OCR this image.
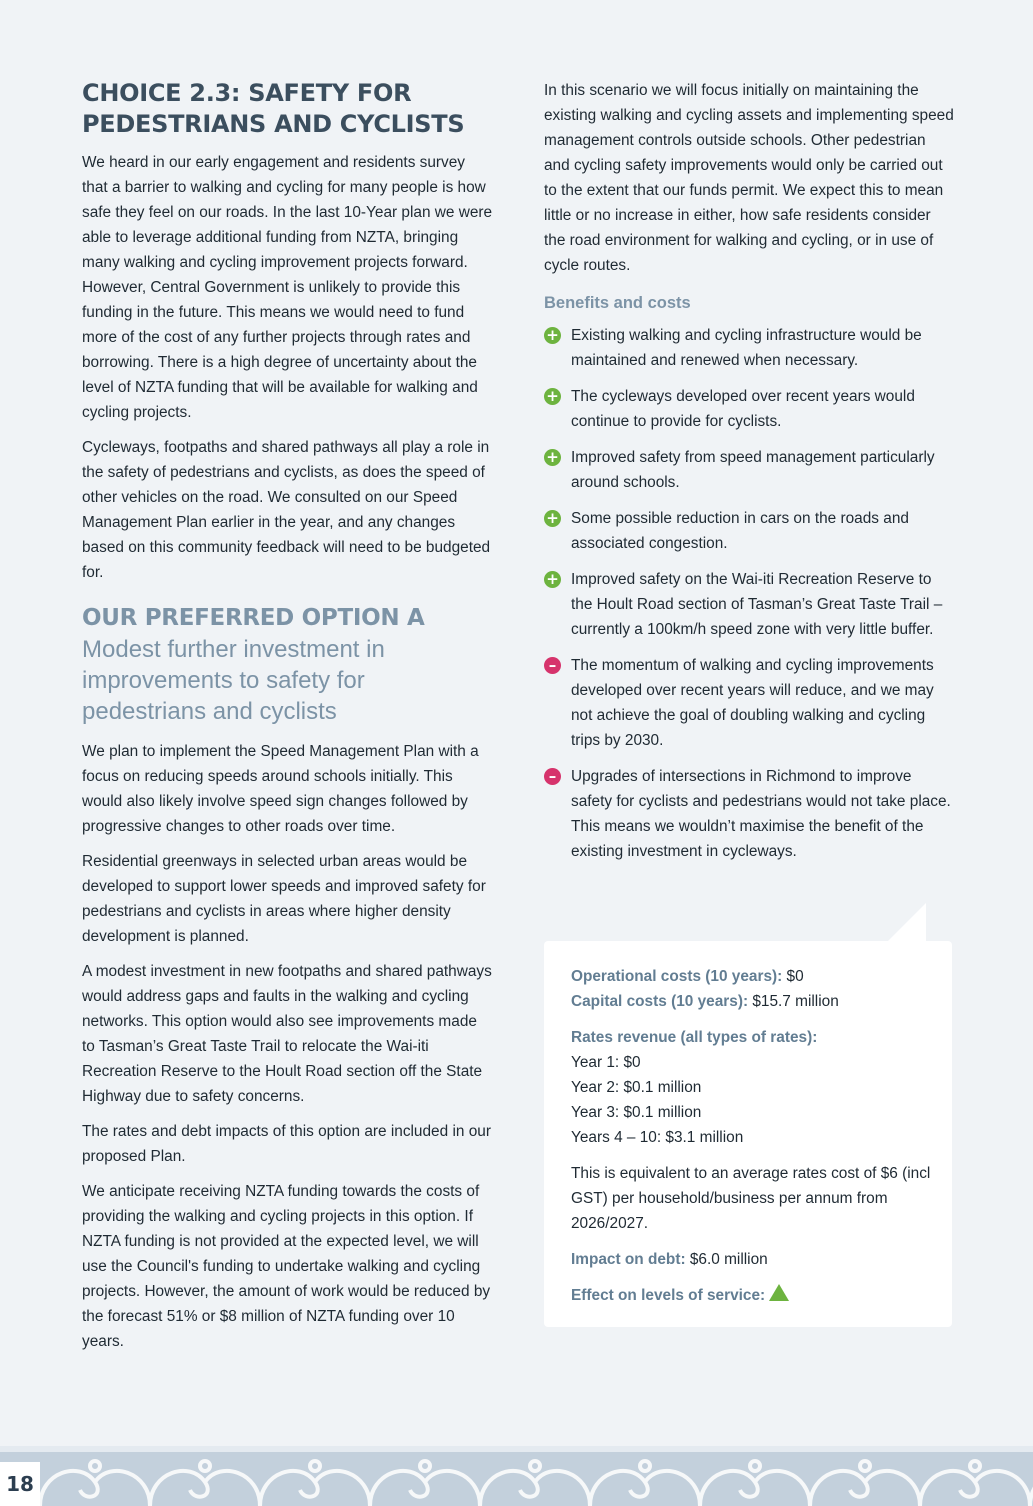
CHOICE 2.3: SAFETY FOR PEDESTRIANS AND CYCLISTS

We heard in our early engagement and residents survey that a barrier to walking and cycling for many people is how safe they feel on our roads. In the last 10-Year plan we were able to leverage additional funding from NZTA, bringing many walking and cycling improvement projects forward. However, Central Government is unlikely to provide this funding in the future. This means we would need to fund more of the cost of any further projects through rates and borrowing. There is a high degree of uncertainty about the level of NZTA funding that will be available for walking and cycling projects.

Cycleways, footpaths and shared pathways all play a role in the safety of pedestrians and cyclists, as does the speed of other vehicles on the road. We consulted on our Speed Management Plan earlier in the year, and any changes based on this community feedback will need to be budgeted for.

OUR PREFERRED OPTION A
Modest further investment in improvements to safety for pedestrians and cyclists

We plan to implement the Speed Management Plan with a focus on reducing speeds around schools initially. This would also likely involve speed sign changes followed by progressive changes to other roads over time.

Residential greenways in selected urban areas would be developed to support lower speeds and improved safety for pedestrians and cyclists in areas where higher density development is planned.

A modest investment in new footpaths and shared pathways would address gaps and faults in the walking and cycling networks. This option would also see improvements made to Tasman’s Great Taste Trail to relocate the Wai-iti Recreation Reserve to the Hoult Road section off the State Highway due to safety concerns.

The rates and debt impacts of this option are included in our proposed Plan.

We anticipate receiving NZTA funding towards the costs of providing the walking and cycling projects in this option. If NZTA funding is not provided at the expected level, we will use the Council's funding to undertake walking and cycling projects. However, the amount of work would be reduced by the forecast 51% or $8 million of NZTA funding over 10 years.

In this scenario we will focus initially on maintaining the existing walking and cycling assets and implementing speed management controls outside schools. Other pedestrian and cycling safety improvements would only be carried out to the extent that our funds permit. We expect this to mean little or no increase in either, how safe residents consider the road environment for walking and cycling, or in use of cycle routes.

Benefits and costs
+ Existing walking and cycling infrastructure would be maintained and renewed when necessary.
+ The cycleways developed over recent years would continue to provide for cyclists.
+ Improved safety from speed management particularly around schools.
+ Some possible reduction in cars on the roads and associated congestion.
+ Improved safety on the Wai-iti Recreation Reserve to the Hoult Road section of Tasman’s Great Taste Trail – currently a 100km/h speed zone with very little buffer.
– The momentum of walking and cycling improvements developed over recent years will reduce, and we may not achieve the goal of doubling walking and cycling trips by 2030.
– Upgrades of intersections in Richmond to improve safety for cyclists and pedestrians would not take place. This means we wouldn’t maximise the benefit of the existing investment in cycleways.

Operational costs (10 years): $0

Capital costs (10 years): $15.7 million

Rates revenue (all types of rates):

Year 1: $0

Year 2: $0.1 million

Year 3: $0.1 million

Years 4 – 10: $3.1 million

This is equivalent to an average rates cost of $6 (incl GST) per household/business per annum from 2026/2027.

Impact on debt: $6.0 million

Effect on levels of service:

18
